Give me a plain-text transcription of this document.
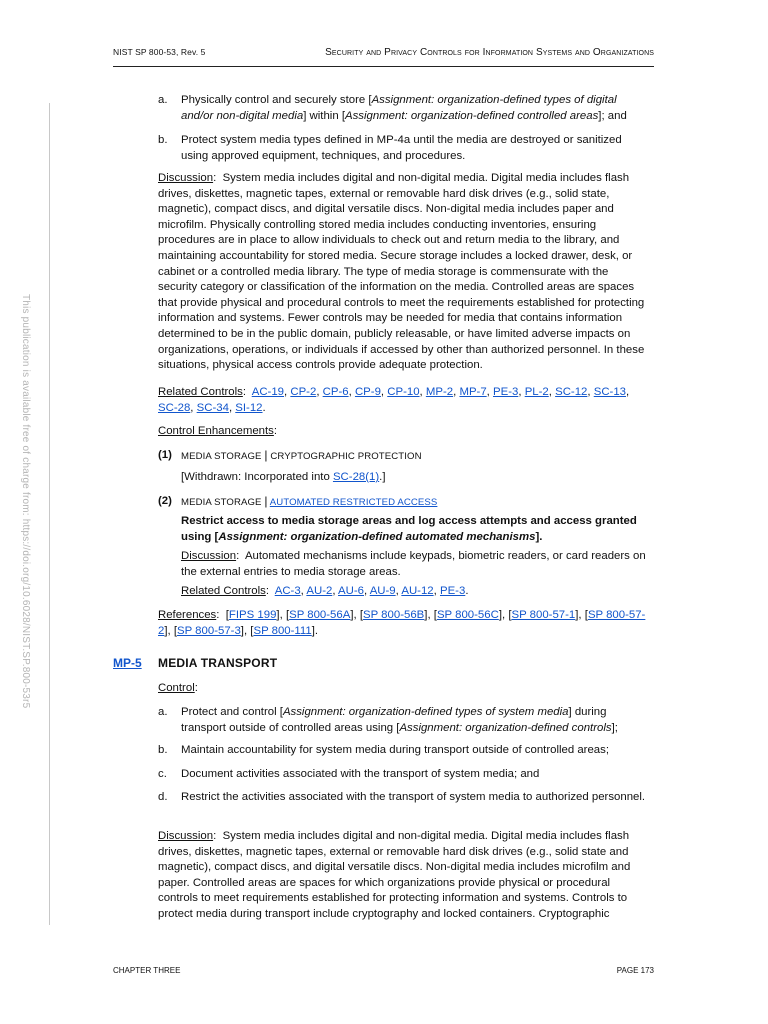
NIST SP 800-53, Rev. 5	Security and Privacy Controls for Information Systems and Organizations
This publication is available free of charge from: https://doi.org/10.6028/NIST.SP.800-53r5
a. Physically control and securely store [Assignment: organization-defined types of digital and/or non-digital media] within [Assignment: organization-defined controlled areas]; and
b. Protect system media types defined in MP-4a until the media are destroyed or sanitized using approved equipment, techniques, and procedures.
Discussion:  System media includes digital and non-digital media. Digital media includes flash drives, diskettes, magnetic tapes, external or removable hard disk drives (e.g., solid state, magnetic), compact discs, and digital versatile discs. Non-digital media includes paper and microfilm. Physically controlling stored media includes conducting inventories, ensuring procedures are in place to allow individuals to check out and return media to the library, and maintaining accountability for stored media. Secure storage includes a locked drawer, desk, or cabinet or a controlled media library. The type of media storage is commensurate with the security category or classification of the information on the media. Controlled areas are spaces that provide physical and procedural controls to meet the requirements established for protecting information and systems. Fewer controls may be needed for media that contains information determined to be in the public domain, publicly releasable, or have limited adverse impacts on organizations, operations, or individuals if accessed by other than authorized personnel. In these situations, physical access controls provide adequate protection.
Related Controls:  AC-19, CP-2, CP-6, CP-9, CP-10, MP-2, MP-7, PE-3, PL-2, SC-12, SC-13, SC-28, SC-34, SI-12.
Control Enhancements:
(1) MEDIA STORAGE | CRYPTOGRAPHIC PROTECTION
[Withdrawn: Incorporated into SC-28(1).]
(2) MEDIA STORAGE | AUTOMATED RESTRICTED ACCESS
Restrict access to media storage areas and log access attempts and access granted using [Assignment: organization-defined automated mechanisms].
Discussion:  Automated mechanisms include keypads, biometric readers, or card readers on the external entries to media storage areas.
Related Controls:  AC-3, AU-2, AU-6, AU-9, AU-12, PE-3.
References:  [FIPS 199], [SP 800-56A], [SP 800-56B], [SP 800-56C], [SP 800-57-1], [SP 800-57-2], [SP 800-57-3], [SP 800-111].
MP-5 MEDIA TRANSPORT
Control:
a. Protect and control [Assignment: organization-defined types of system media] during transport outside of controlled areas using [Assignment: organization-defined controls];
b. Maintain accountability for system media during transport outside of controlled areas;
c. Document activities associated with the transport of system media; and
d. Restrict the activities associated with the transport of system media to authorized personnel.
Discussion:  System media includes digital and non-digital media. Digital media includes flash drives, diskettes, magnetic tapes, external or removable hard disk drives (e.g., solid state and magnetic), compact discs, and digital versatile discs. Non-digital media includes microfilm and paper. Controlled areas are spaces for which organizations provide physical or procedural controls to meet requirements established for protecting information and systems. Controls to protect media during transport include cryptography and locked containers. Cryptographic
CHAPTER THREE	PAGE 173
